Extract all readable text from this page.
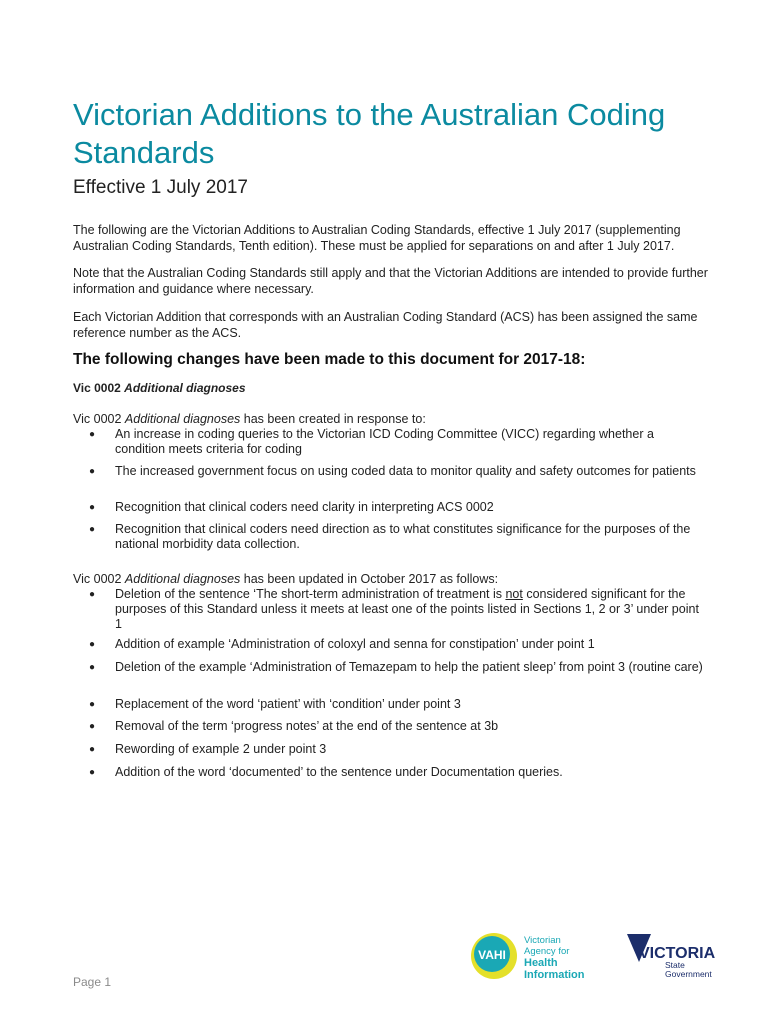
Victorian Additions to the Australian Coding Standards
Effective 1 July 2017

The following are the Victorian Additions to Australian Coding Standards, effective 1 July 2017 (supplementing Australian Coding Standards, Tenth edition). These must be applied for separations on and after 1 July 2017.

Note that the Australian Coding Standards still apply and that the Victorian Additions are intended to provide further information and guidance where necessary.

Each Victorian Addition that corresponds with an Australian Coding Standard (ACS) has been assigned the same reference number as the ACS.

The following changes have been made to this document for 2017-18:
Vic 0002 Additional diagnoses
Vic 0002 Additional diagnoses has been created in response to:
● An increase in coding queries to the Victorian ICD Coding Committee (VICC) regarding whether a condition meets criteria for coding
● The increased government focus on using coded data to monitor quality and safety outcomes for patients
● Recognition that clinical coders need clarity in interpreting ACS 0002
● Recognition that clinical coders need direction as to what constitutes significance for the purposes of the national morbidity data collection.
Vic 0002 Additional diagnoses has been updated in October 2017 as follows:
● Deletion of the sentence ‘The short-term administration of treatment is not considered significant for the purposes of this Standard unless it meets at least one of the points listed in Sections 1, 2 or 3’ under point 1
● Addition of example ‘Administration of coloxyl and senna for constipation’ under point 1
● Deletion of the example ‘Administration of Temazepam to help the patient sleep’ from point 3 (routine care)
● Replacement of the word ‘patient’ with ‘condition’ under point 3
● Removal of the term ‘progress notes’ at the end of the sentence at 3b
● Rewording of example 2 under point 3
● Addition of the word ‘documented’ to the sentence under Documentation queries.
Page 1
VAHI
Victorian
Agency for
Health
Information
VICTORIA
State
Government
